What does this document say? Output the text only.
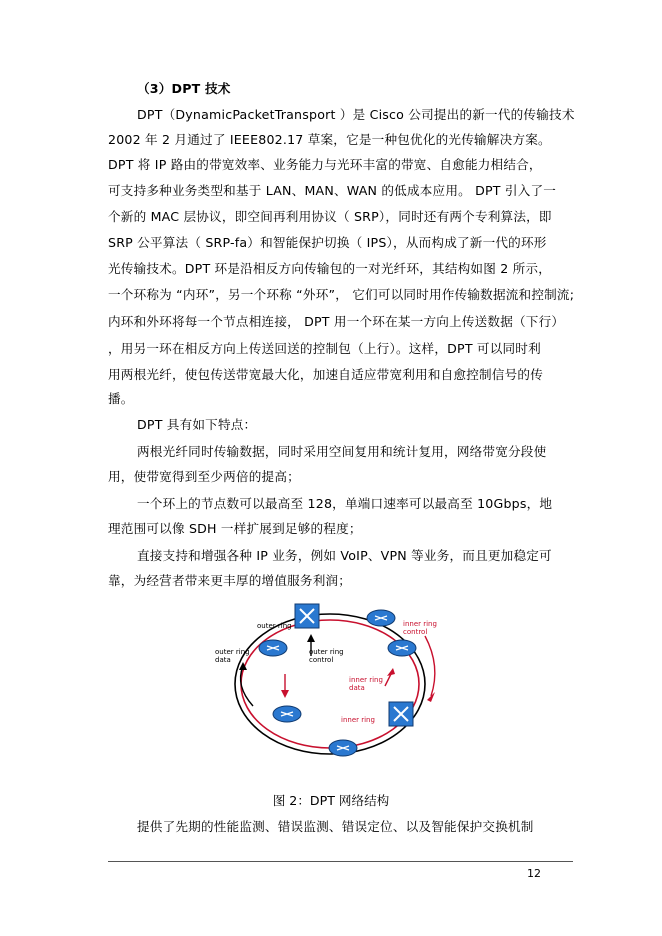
（3）DPT 技术
DPT（DynamicPacketTransport ）是 Cisco 公司提出的新一代的传输技术
2002 年 2 月通过了 IEEE802.17 草案，它是一种包优化的光传输解决方案。
DPT 将 IP 路由的带宽效率、业务能力与光环丰富的带宽、自愈能力相结合，
可支持多种业务类型和基于 LAN、MAN、WAN 的低成本应用。 DPT 引入了一
个新的 MAC 层协议，即空间再利用协议（ SRP），同时还有两个专利算法，即
SRP 公平算法（ SRP-fa）和智能保护切换（ IPS），从而构成了新一代的环形
光传输技术。DPT 环是沿相反方向传输包的一对光纤环，其结构如图 2 所示，
一个环称为 “内环”，另一个环称 “外环”， 它们可以同时用作传输数据流和控制流;
内环和外环将每一个节点相连接， DPT 用一个环在某一方向上传送数据（下行）
，用另一环在相反方向上传送回送的控制包（上行）。这样，DPT 可以同时利
用两根光纤，使包传送带宽最大化，加速自适应带宽利用和自愈控制信号的传
播。
DPT 具有如下特点：
两根光纤同时传输数据，同时采用空间复用和统计复用，网络带宽分段使
用，使带宽得到至少两倍的提高；
一个环上的节点数可以最高至 128，单端口速率可以最高至 10Gbps，地
理范围可以像 SDH 一样扩展到足够的程度；
直接支持和增强各种 IP 业务，例如 VoIP、VPN 等业务，而且更加稳定可
靠，为经营者带来更丰厚的增值服务利润；
outer ring	inner ring control
outer ring data
outer ring control
inner ring data
inner ring
图 2：DPT 网络结构
提供了先期的性能监测、错误监测、错误定位、以及智能保护交换机制
12
